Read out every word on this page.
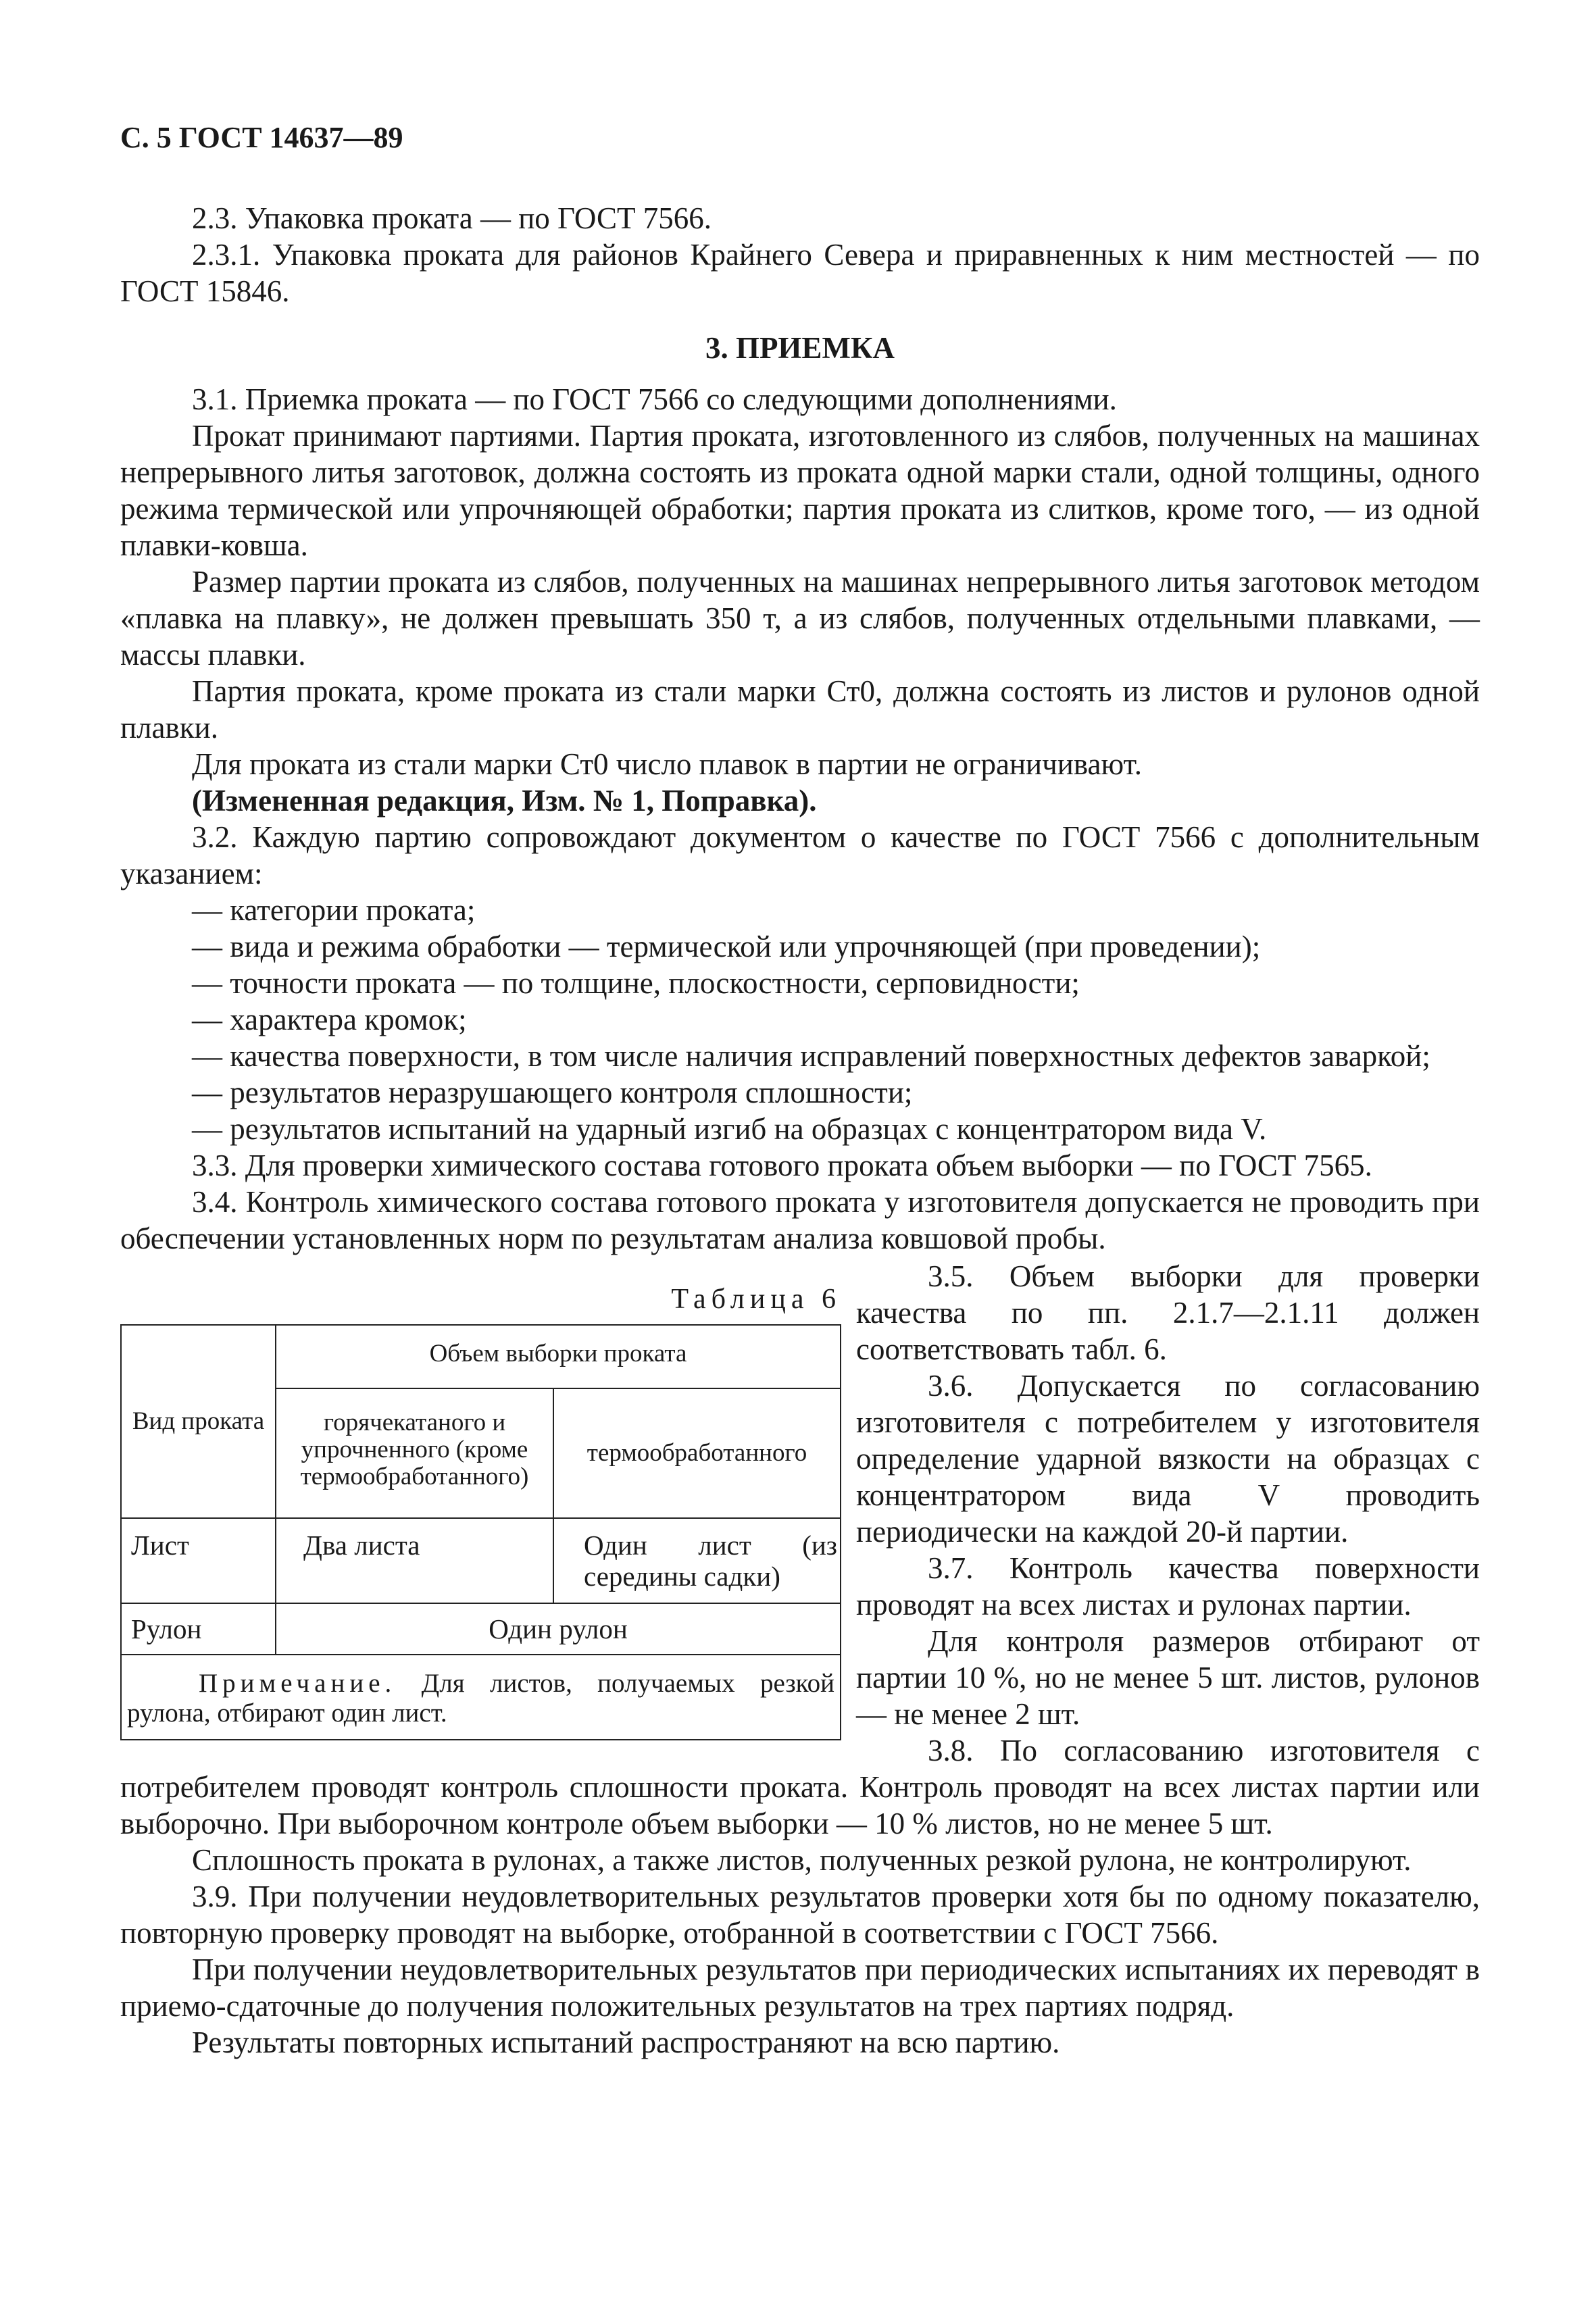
С. 5 ГОСТ 14637—89

2.3. Упаковка проката — по ГОСТ 7566.

2.3.1. Упаковка проката для районов Крайнего Севера и приравненных к ним местностей — по ГОСТ 15846.

3. ПРИЕМКА

3.1. Приемка проката — по ГОСТ 7566 со следующими дополнениями.

Прокат принимают партиями. Партия проката, изготовленного из слябов, полученных на машинах непрерывного литья заготовок, должна состоять из проката одной марки стали, одной толщины, одного режима термической или упрочняющей обработки; партия проката из слитков, кроме того, — из одной плавки-ковша.

Размер партии проката из слябов, полученных на машинах непрерывного литья заготовок методом «плавка на плавку», не должен превышать 350 т, а из слябов, полученных отдельными плавками, — массы плавки.

Партия проката, кроме проката из стали марки Ст0, должна состоять из листов и рулонов одной плавки.

Для проката из стали марки Ст0 число плавок в партии не ограничивают.

(Измененная редакция, Изм. № 1, Поправка).

3.2. Каждую партию сопровождают документом о качестве по ГОСТ 7566 с дополнительным указанием:

— категории проката;

— вида и режима обработки — термической или упрочняющей (при проведении);

— точности проката — по толщине, плоскостности, серповидности;

— характера кромок;

— качества поверхности, в том числе наличия исправлений поверхностных дефектов заваркой;

— результатов неразрушающего контроля сплошности;

— результатов испытаний на ударный изгиб на образцах с концентратором вида V.

3.3. Для проверки химического состава готового проката объем выборки — по ГОСТ 7565.

3.4. Контроль химического состава готового проката у изготовителя допускается не проводить при обеспечении установленных норм по результатам анализа ковшовой пробы.

Таблица 6
Вид проката	Объем выборки проката	
	горячекатаного и упрочненного (кроме термообработанного)	термообработанного
Лист	Два листа	Один лист (из середины садки)
Рулон	Один рулон	
Примечание. Для листов, получаемых резкой рулона, отбирают один лист.		

3.5. Объем выборки для проверки качества по пп. 2.1.7—2.1.11 должен соответствовать табл. 6.

3.6. Допускается по согласованию изготовителя с потребителем у изготовителя определение ударной вязкости на образцах с концентратором вида V проводить периодически на каждой 20-й партии.

3.7. Контроль качества поверхности проводят на всех листах и рулонах партии.

Для контроля размеров отбирают от партии 10 %, но не менее 5 шт. листов, рулонов — не менее 2 шт.

3.8. По согласованию изготовителя с

потребителем проводят контроль сплошности проката. Контроль проводят на всех листах партии или выборочно. При выборочном контроле объем выборки — 10 % листов, но не менее 5 шт.

Сплошность проката в рулонах, а также листов, полученных резкой рулона, не контролируют.

3.9. При получении неудовлетворительных результатов проверки хотя бы по одному показателю, повторную проверку проводят на выборке, отобранной в соответствии с ГОСТ 7566.

При получении неудовлетворительных результатов при периодических испытаниях их переводят в приемо-сдаточные до получения положительных результатов на трех партиях подряд.

Результаты повторных испытаний распространяют на всю партию.
